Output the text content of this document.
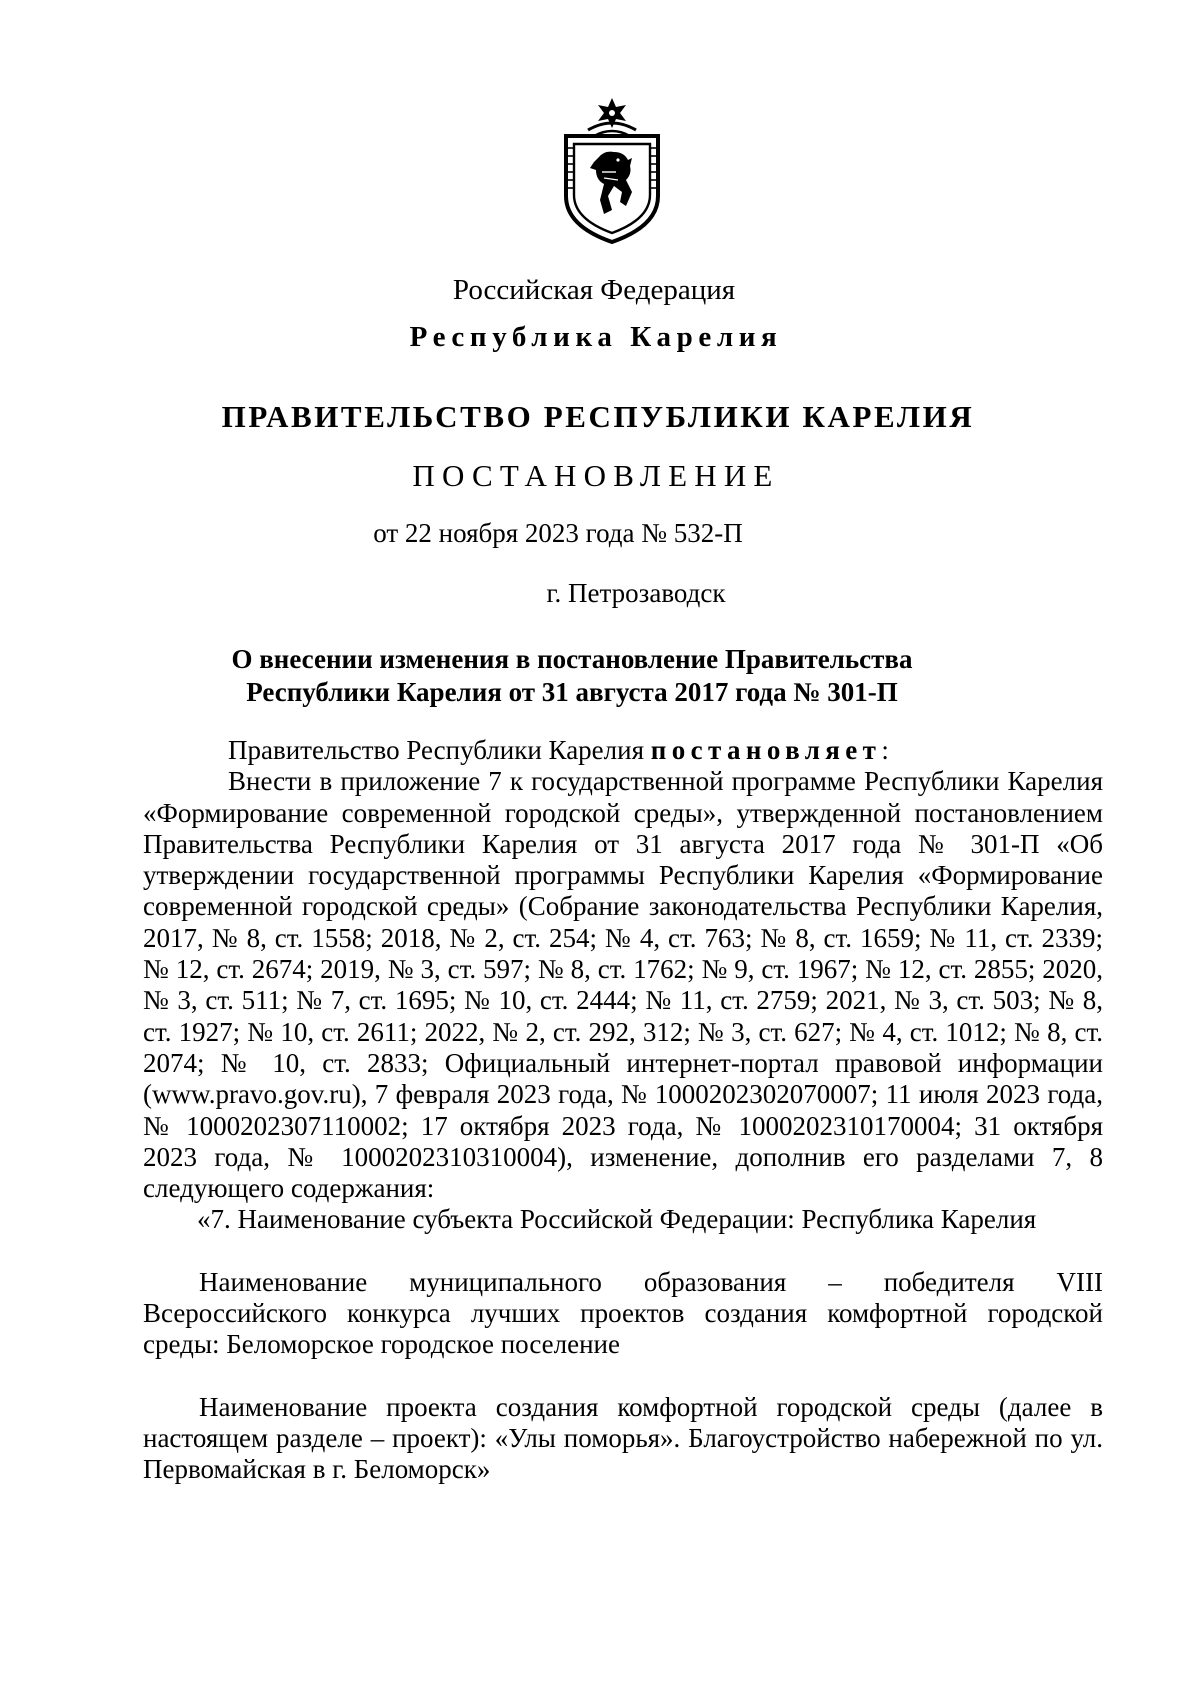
Российская Федерация
Республика Карелия
ПРАВИТЕЛЬСТВО РЕСПУБЛИКИ КАРЕЛИЯ
ПОСТАНОВЛЕНИЕ
от 22 ноября 2023 года № 532-П
г. Петрозаводск
О внесении изменения в постановление Правительства
Республики Карелия от 31 августа 2017 года № 301-П

Правительство Республики Карелия постановляет:

Внести в приложение 7 к государственной программе Республики Карелия «Формирование современной городской среды», утвержденной постановлением Правительства Республики Карелия от 31 августа 2017 года № 301-П «Об утверждении государственной программы Республики Карелия «Формирование современной городской среды» (Собрание законодательства Республики Карелия, 2017, № 8, ст. 1558; 2018, № 2, ст. 254; № 4, ст. 763; № 8, ст. 1659; № 11, ст. 2339; № 12, ст. 2674; 2019, № 3, ст. 597; № 8, ст. 1762; № 9, ст. 1967; № 12, ст. 2855; 2020, № 3, ст. 511; № 7, ст. 1695; № 10, ст. 2444; № 11, ст. 2759; 2021, № 3, ст. 503; № 8, ст. 1927; № 10, ст. 2611; 2022, № 2, ст. 292, 312; № 3, ст. 627; № 4, ст. 1012; № 8, ст. 2074; № 10, ст. 2833; Официальный интернет-портал правовой информации (www.pravo.gov.ru), 7 февраля 2023 года, № 1000202302070007; 11 июля 2023 года, № 1000202307110002; 17 октября 2023 года, № 1000202310170004; 31 октября 2023 года, № 1000202310310004), изменение, дополнив его разделами 7, 8 следующего содержания:

«7. Наименование субъекта Российской Федерации: Республика Карелия

Наименование муниципального образования – победителя VIII Всероссийского конкурса лучших проектов создания комфортной городской среды: Беломорское городское поселение

Наименование проекта создания комфортной городской среды (далее в настоящем разделе – проект): «Улы поморья». Благоустройство набережной по ул. Первомайская в г. Беломорск»
